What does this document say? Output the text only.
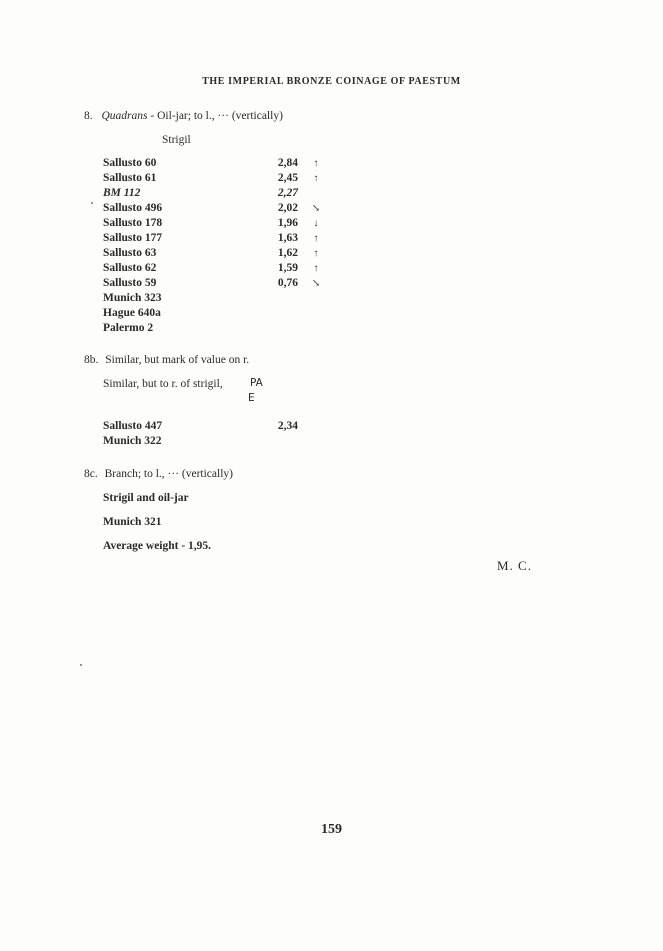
THE IMPERIAL BRONZE COINAGE OF PAESTUM
8. Quadrans - Oil-jar; to l., ··· (vertically)
Strigil
Sallusto 60	2,84	↑
Sallusto 61	2,45	↑
BM 112	2,27
Sallusto 496	2,02 ↘
Sallusto 178	1,96	↓
Sallusto 177	1,63	↑
Sallusto 63	1,62	↑
Sallusto 62	1,59	↑
Sallusto 59	0,76 ↘
Munich 323
Hague 640a
Palermo 2
8b. Similar, but mark of value on r.
Similar, but to r. of strigil,	PA
E
Sallusto 447	2,34
Munich 322
8c. Branch; to l., ··· (vertically)
Strigil and oil-jar
Munich 321
Average weight - 1,95.
M. C.
159
